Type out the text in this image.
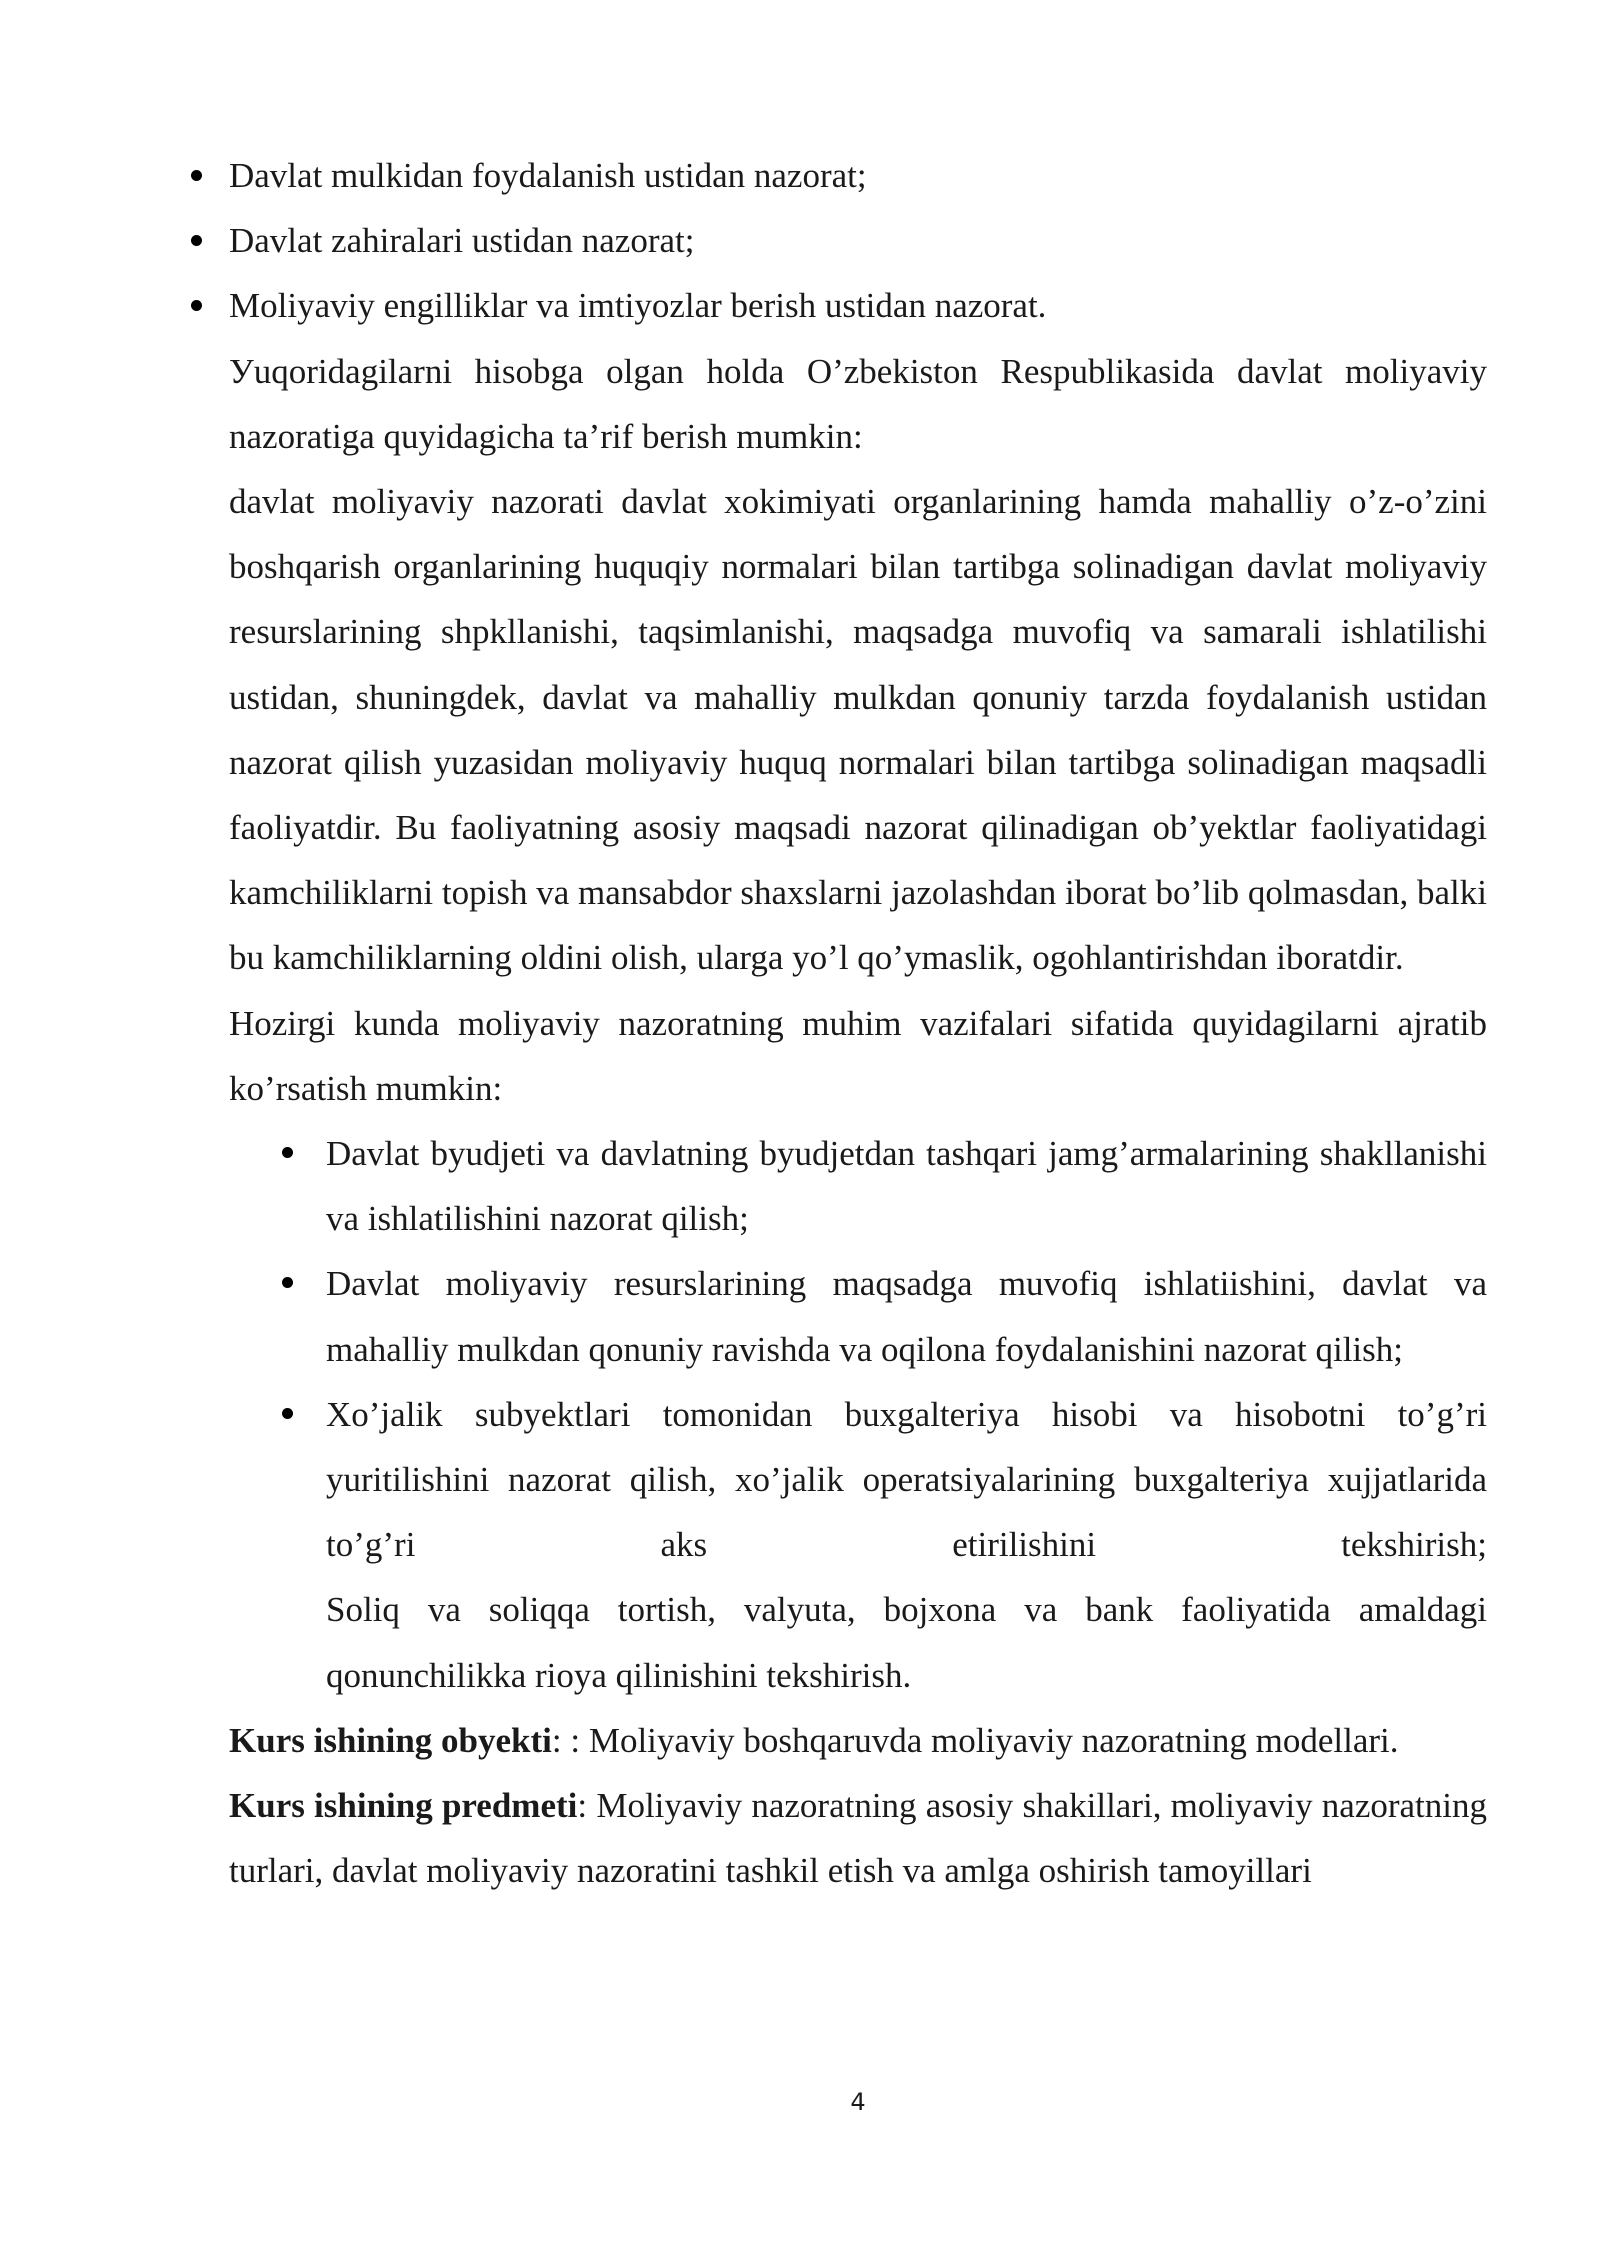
Davlat mulkidan foydalanish ustidan nazorat;
Davlat zahiralari ustidan nazorat;
Moliyaviy engilliklar va imtiyozlar berish ustidan nazorat.

Уuqoridagilarni hisobga olgan holda O’zbekiston Respublikasida davlat moliyaviy nazoratiga quyidagicha ta’rif berish mumkin:

davlat moliyaviy nazorati davlat xokimiyati organlarining hamda mahalliy o’z-o’zini boshqarish organlarining huquqiy normalari bilan tartibga solinadigan davlat moliyaviy resurslarining shpkllanishi, taqsimlanishi, maqsadga muvofiq va samarali ishlatilishi ustidan, shuningdek, davlat va mahalliy mulkdan qonuniy tarzda foydalanish ustidan nazorat qilish yuzasidan moliyaviy huquq normalari bilan tartibga solinadigan maqsadli faoliyatdir. Bu faoliyatning asosiy maqsadi nazorat qilinadigan ob’yektlar faoliyatidagi kamchiliklarni topish va mansabdor shaxslarni jazolashdan iborat bo’lib qolmasdan, balki bu kamchiliklarning oldini olish, ularga yo’l qo’ymaslik, ogohlantirishdan iboratdir.

Hozirgi kunda moliyaviy nazoratning muhim vazifalari sifatida quyidagilarni ajratib ko’rsatish mumkin:

Davlat byudjeti va davlatning byudjetdan tashqari jamg’armalarining shakllanishi va ishlatilishini nazorat qilish;
Davlat moliyaviy resurslarining maqsadga muvofiq ishlatiishini, davlat va mahalliy mulkdan qonuniy ravishda va oqilona foydalanishini nazorat qilish;
Xo’jalik subyektlari tomonidan buxgalteriya hisobi va hisobotni to’g’ri yuritilishini nazorat qilish, xo’jalik operatsiyalarining buxgalteriya xujjatlarida to’g’ri aks etirilishini tekshirish;

Soliq va soliqqa tortish, valyuta, bojxona va bank faoliyatida amaldagi qonunchilikka rioya qilinishini tekshirish.

Kurs ishining obyekti: : Moliyaviy boshqaruvda moliyaviy nazoratning modellari.

Kurs ishining predmeti: Moliyaviy nazoratning asosiy shakillari, moliyaviy nazoratning turlari, davlat moliyaviy nazoratini tashkil etish va amlga oshirish tamoyillari

4
